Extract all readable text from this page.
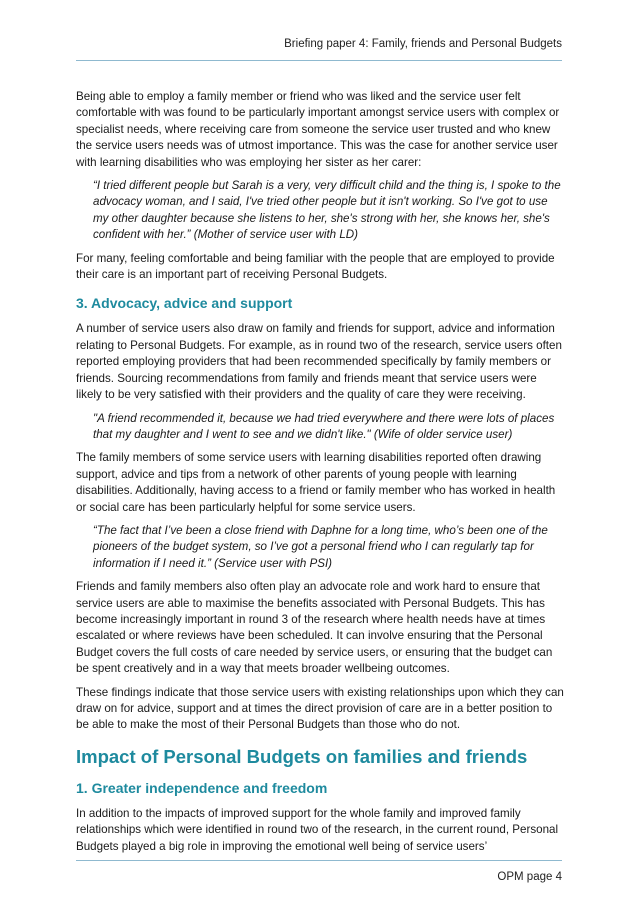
Briefing paper 4: Family, friends and Personal Budgets

Being able to employ a family member or friend who was liked and the service user felt comfortable with was found to be particularly important amongst service users with complex or specialist needs, where receiving care from someone the service user trusted and who knew the service users needs was of utmost importance. This was the case for another service user with learning disabilities who was employing her sister as her carer:

“I tried different people but Sarah is a very, very difficult child and the thing is, I spoke to the advocacy woman, and I said, I've tried other people but it isn't working. So I've got to use my other daughter because she listens to her, she's strong with her, she knows her, she's confident with her.” (Mother of service user with LD)

For many, feeling comfortable and being familiar with the people that are employed to provide their care is an important part of receiving Personal Budgets.

3. Advocacy, advice and support

A number of service users also draw on family and friends for support, advice and information relating to Personal Budgets. For example, as in round two of the research, service users often reported employing providers that had been recommended specifically by family members or friends. Sourcing recommendations from family and friends meant that service users were likely to be very satisfied with their providers and the quality of care they were receiving.

"A friend recommended it, because we had tried everywhere and there were lots of places that my daughter and I went to see and we didn't like." (Wife of older service user)

The family members of some service users with learning disabilities reported often drawing support, advice and tips from a network of other parents of young people with learning disabilities. Additionally, having access to a friend or family member who has worked in health or social care has been particularly helpful for some service users.

“The fact that I’ve been a close friend with Daphne for a long time, who’s been one of the pioneers of the budget system, so I’ve got a personal friend who I can regularly tap for information if I need it.” (Service user with PSI)

Friends and family members also often play an advocate role and work hard to ensure that service users are able to maximise the benefits associated with Personal Budgets. This has become increasingly important in round 3 of the research where health needs have at times escalated or where reviews have been scheduled. It can involve ensuring that the Personal Budget covers the full costs of care needed by service users, or ensuring that the budget can be spent creatively and in a way that meets broader wellbeing outcomes.

These findings indicate that those service users with existing relationships upon which they can draw on for advice, support and at times the direct provision of care are in a better position to be able to make the most of their Personal Budgets than those who do not.

Impact of Personal Budgets on families and friends
1. Greater independence and freedom

In addition to the impacts of improved support for the whole family and improved family relationships which were identified in round two of the research, in the current round, Personal Budgets played a big role in improving the emotional well being of service users’

OPM page 4
